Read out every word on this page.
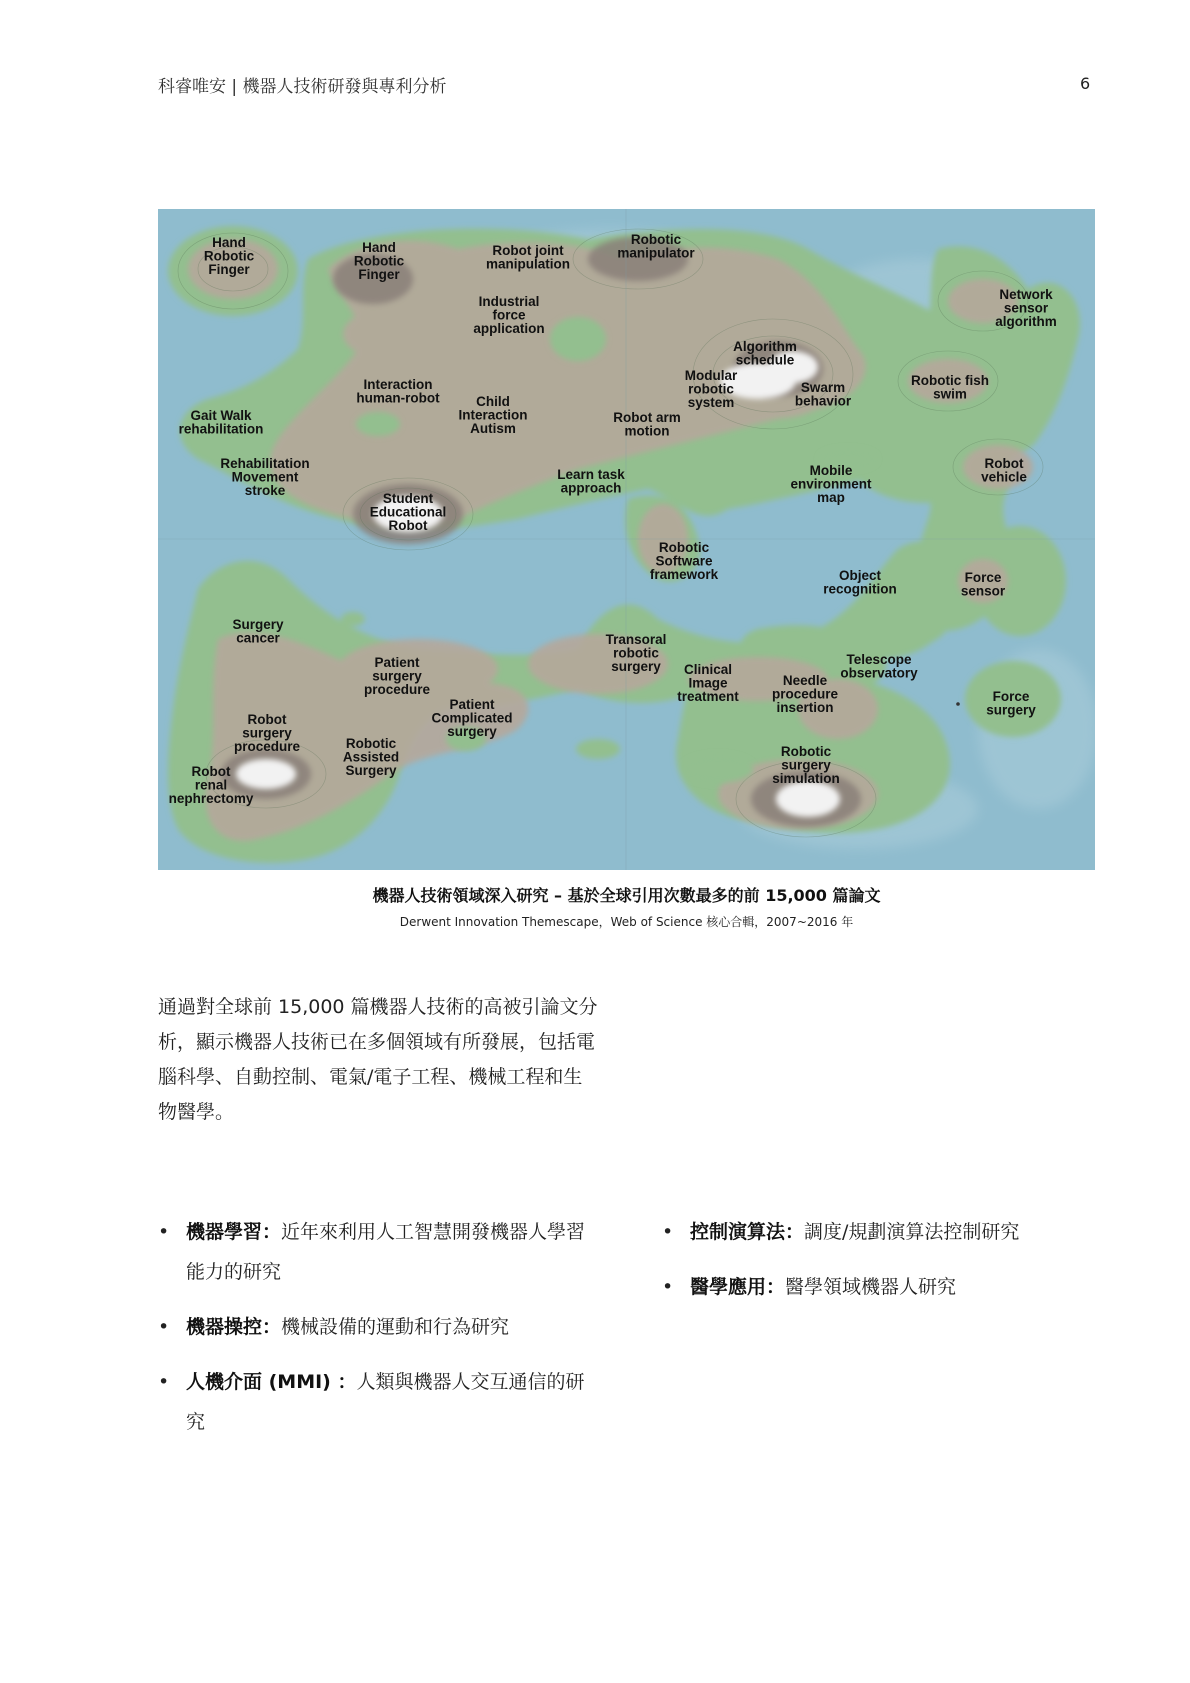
科睿唯安 | 機器人技術研發與專利分析	6
Hand Robotic Finger
Hand Robotic Finger
Robot joint manipulation
Robotic manipulator
Industrial force application
Network sensor algorithm
Algorithm schedule
Modular robotic system
Swarm behavior
Robotic fish swim
Interaction human-robot	Child Interaction Autism
Gait Walk rehabilitation
Robot arm motion
Rehabilitation Movement stroke
Learn task approach
Mobile environment map
Robot vehicle
Student Educational Robot
Robotic Software framework	Object recognition
Force sensor
Surgery cancer	Transoral robotic surgery
Patient surgery procedure
Clinical Image treatment
Telescope observatory
Needle procedure insertion
Patient Complicated surgery
Force surgery
Robot surgery procedure	Robotic Assisted Surgery
Robotic surgery simulation
Robot renal nephrectomy
機器人技術領域深入研究 – 基於全球引用次數最多的前 15,000 篇論文
Derwent Innovation Themescape，Web of Science 核心合輯，2007~2016 年
通過對全球前 15,000 篇機器人技術的高被引論文分析，顯示機器人技術已在多個領域有所發展，包括電腦科學、自動控制、電氣/電子工程、機械工程和生物醫學。
• 機器學習：近年來利用人工智慧開發機器人學習能力的研究
• 機器操控：機械設備的運動和行為研究
• 人機介面 (MMI) ：人類與機器人交互通信的研究
• 控制演算法：調度/規劃演算法控制研究
• 醫學應用：醫學領域機器人研究
